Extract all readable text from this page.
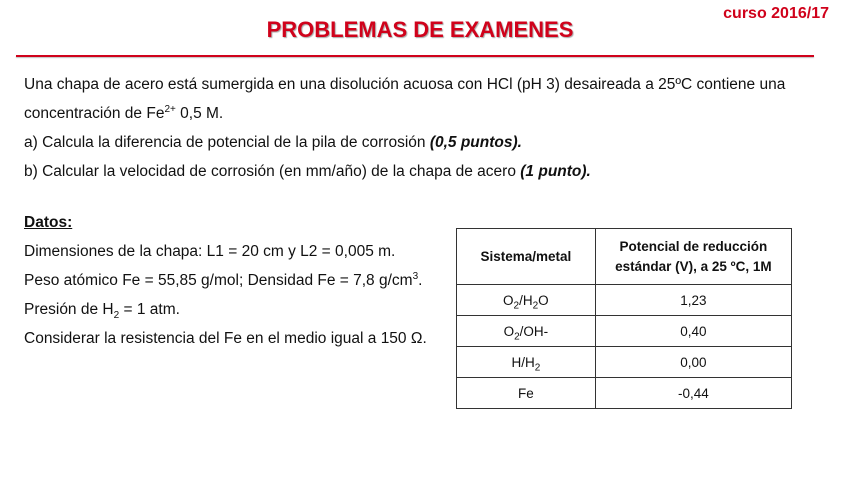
curso 2016/17
PROBLEMAS DE EXAMENES

Una chapa de acero está sumergida en una disolución acuosa con HCl (pH 3) desaireada a 25ºC contiene una concentración de $Fe^{2+}$ 0,5 M.

a) Calcula la diferencia de potencial de la pila de corrosión (0,5 puntos).

b) Calcular la velocidad de corrosión (en mm/año) de la chapa de acero (1 punto).

Datos:

Dimensiones de la chapa: L1 = 20 cm y L2 = 0,005 m.

Peso atómico Fe = 55,85 g/mol; Densidad Fe = 7,8 $g/cm^3$.

Presión de $H_2 = 1$ atm.

Considerar la resistencia del Fe en el medio igual a 150 Ω.

Sistema/metal	Potencial de reducción
estándar (V), a 25 ºC, 1M
$O_2/H_2O$	1,23
$O_2/OH-$	0,40
$H/H_2$	0,00
Fe	-0,44
